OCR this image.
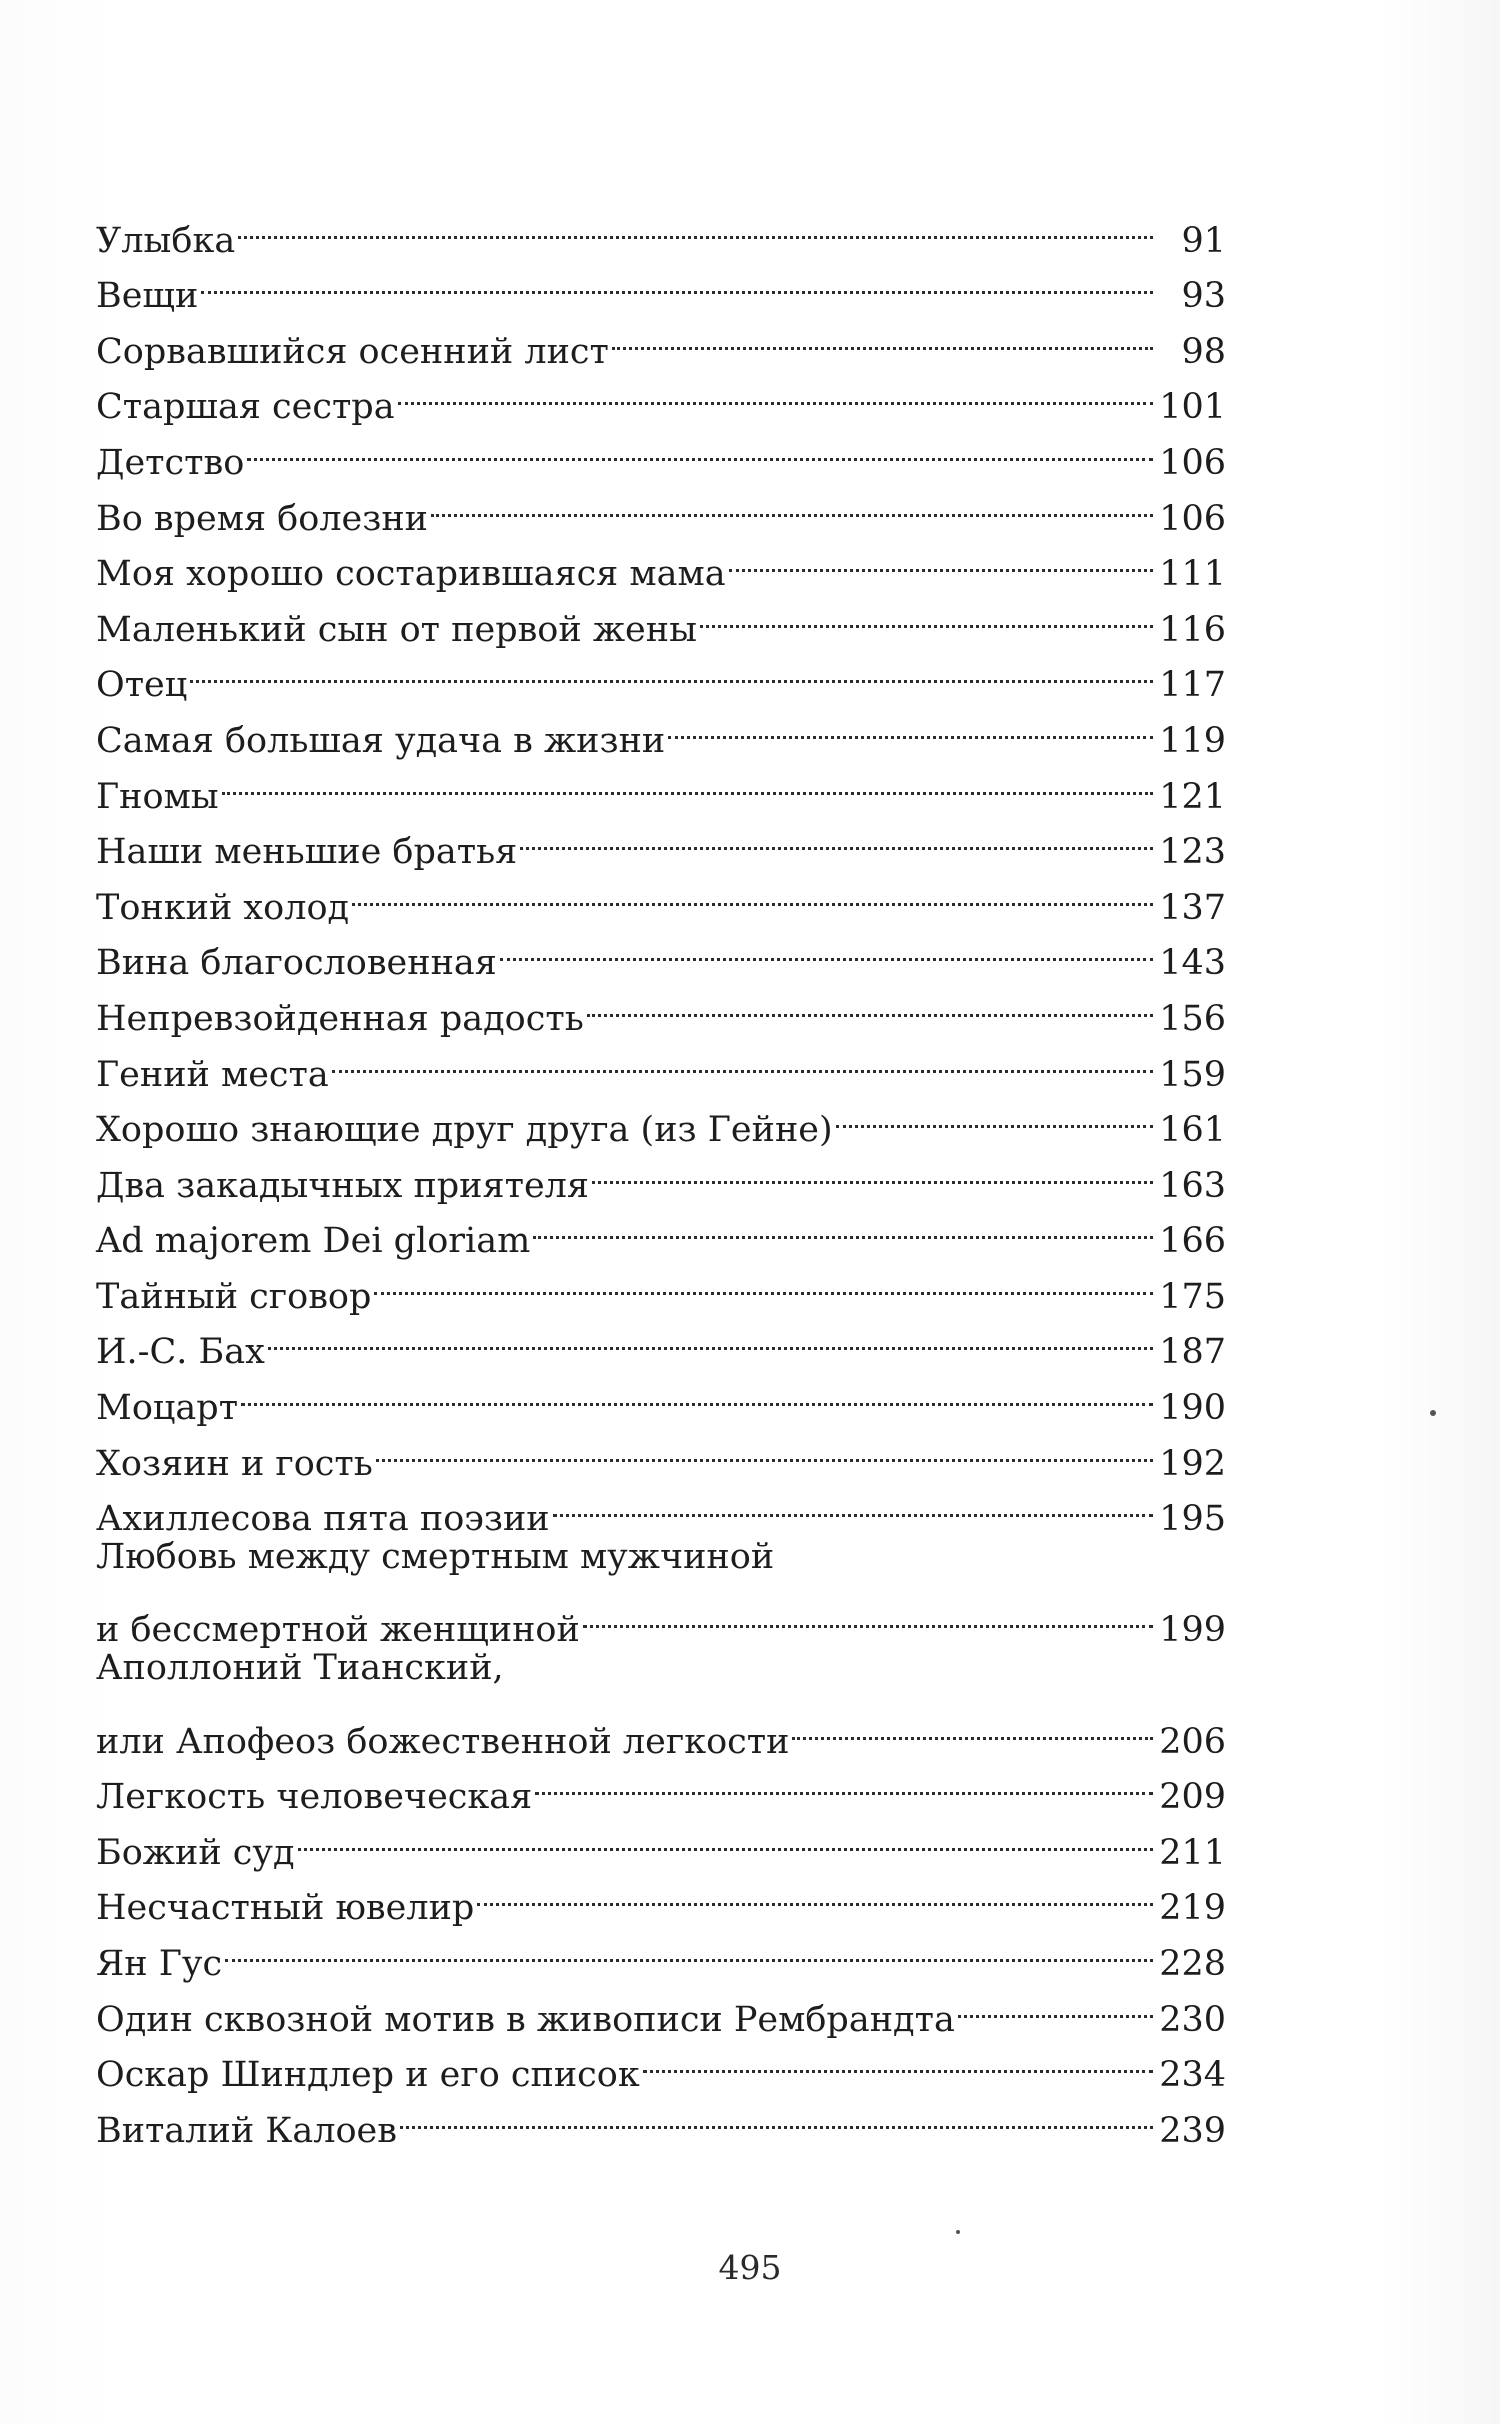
Улыбка	91
Вещи	93
Сорвавшийся осенний лист	98
Старшая сестра	101
Детство	106
Во время болезни	106
Моя хорошо состарившаяся мама	111
Маленький сын от первой жены	116
Отец	117
Самая большая удача в жизни	119
Гномы	121
Наши меньшие братья	123
Тонкий холод	137
Вина благословенная	143
Непревзойденная радость	156
Гений места	159
Хорошо знающие друг друга (из Гейне)	161
Два закадычных приятеля	163
Ad majorem Dei gloriam	166
Тайный сговор	175
И.-С. Бах	187
Моцарт	190
Хозяин и гость	192
Ахиллесова пята поэзии	195
Любовь между смертным мужчиной
и бессмертной женщиной	199
Аполлоний Тианский,
или Апофеоз божественной легкости	206
Легкость человеческая	209
Божий суд	211
Несчастный ювелир	219
Ян Гус	228
Один сквозной мотив в живописи Рембрандта	230
Оскар Шиндлер и его список	234
Виталий Калоев	239
495
